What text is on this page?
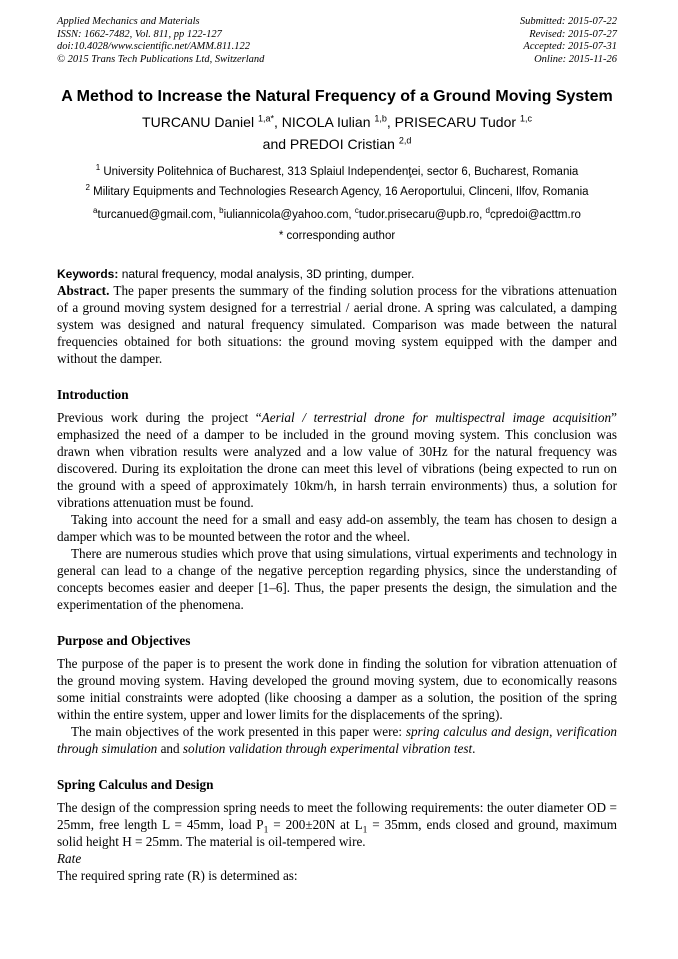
Applied Mechanics and Materials
ISSN: 1662-7482, Vol. 811, pp 122-127
doi:10.4028/www.scientific.net/AMM.811.122
© 2015 Trans Tech Publications Ltd, Switzerland
Submitted: 2015-07-22
Revised: 2015-07-27
Accepted: 2015-07-31
Online: 2015-11-26
A Method to Increase the Natural Frequency of a Ground Moving System
TURCANU Daniel $^{1,a*}$, NICOLA Iulian $^{1,b}$, PRISECARU Tudor $^{1,c}$
and PREDOI Cristian $^{2,d}$
$^1$ University Politehnica of Bucharest, 313 Splaiul Independenţei, sector 6, Bucharest, Romania
$^2$ Military Equipments and Technologies Research Agency, 16 Aeroportului, Clinceni, Ilfov, Romania
$^a$turcanued@gmail.com, $^b$iuliannicola@yahoo.com, $^c$tudor.prisecaru@upb.ro, $^d$cpredoi@acttm.ro
* corresponding author
Keywords: natural frequency, modal analysis, 3D printing, dumper.

Abstract. The paper presents the summary of the finding solution process for the vibrations attenuation of a ground moving system designed for a terrestrial / aerial drone. A spring was calculated, a damping system was designed and natural frequency simulated. Comparison was made between the natural frequencies obtained for both situations: the ground moving system equipped with the damper and without the damper.

Introduction

Previous work during the project “Aerial / terrestrial drone for multispectral image acquisition” emphasized the need of a damper to be included in the ground moving system. This conclusion was drawn when vibration results were analyzed and a low value of 30Hz for the natural frequency was discovered. During its exploitation the drone can meet this level of vibrations (being expected to run on the ground with a speed of approximately 10km/h, in harsh terrain environments) thus, a solution for vibrations attenuation must be found.

Taking into account the need for a small and easy add-on assembly, the team has chosen to design a damper which was to be mounted between the rotor and the wheel.

There are numerous studies which prove that using simulations, virtual experiments and technology in general can lead to a change of the negative perception regarding physics, since the understanding of concepts becomes easier and deeper [1–6]. Thus, the paper presents the design, the simulation and the experimentation of the phenomena.

Purpose and Objectives

The purpose of the paper is to present the work done in finding the solution for vibration attenuation of the ground moving system. Having developed the ground moving system, due to economically reasons some initial constraints were adopted (like choosing a damper as a solution, the position of the spring within the entire system, upper and lower limits for the displacements of the spring).

The main objectives of the work presented in this paper were: spring calculus and design, verification through simulation and solution validation through experimental vibration test.

Spring Calculus and Design

The design of the compression spring needs to meet the following requirements: the outer diameter OD = 25mm, free length L = 45mm, load $P_1 = 200\pm 20N$ at $L_1 = 35mm$, ends closed and ground, maximum solid height H = 25mm. The material is oil-tempered wire.

Rate

The required spring rate (R) is determined as:
